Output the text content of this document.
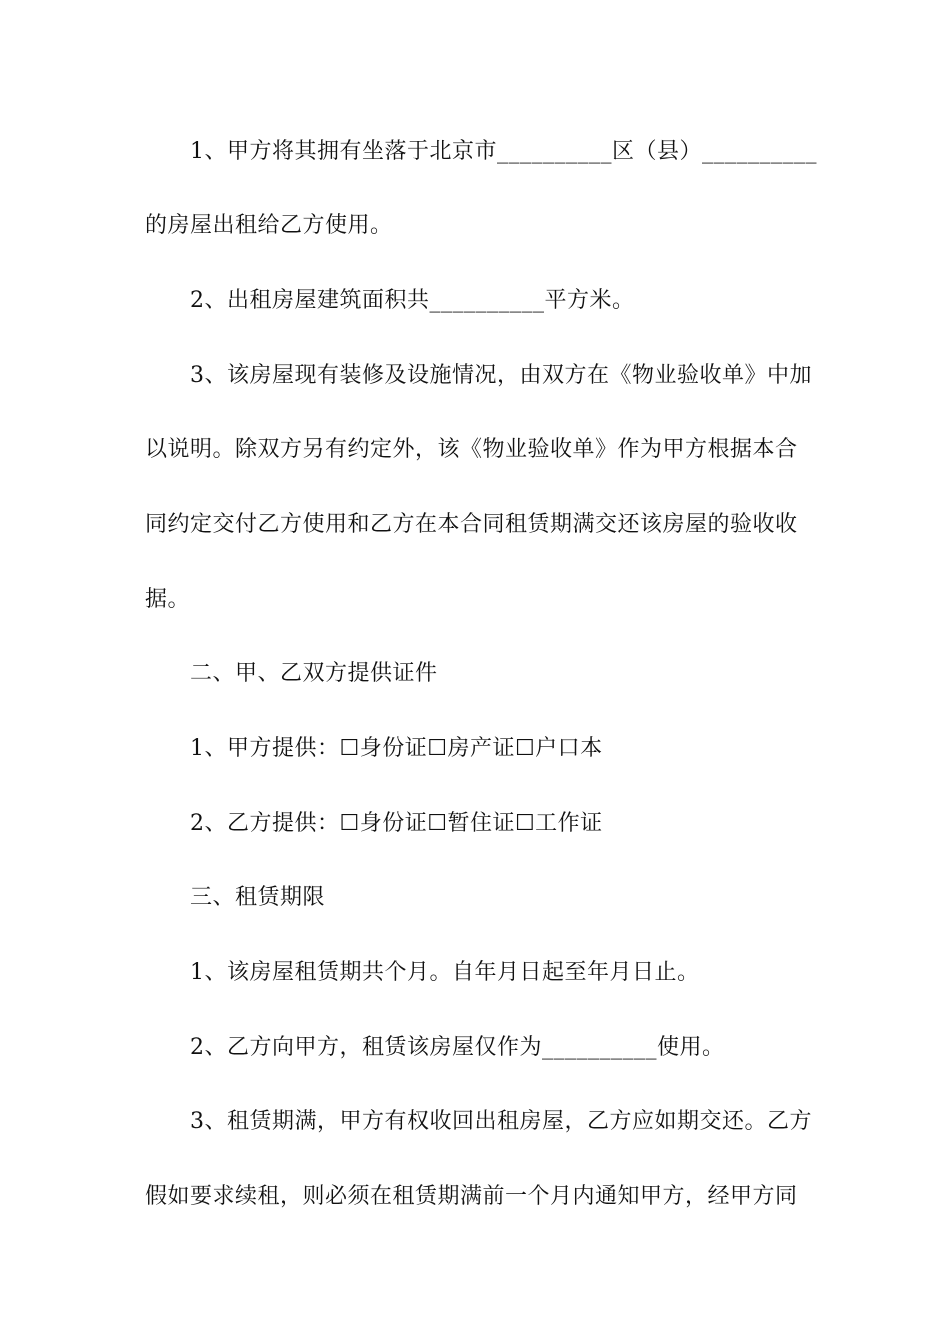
1、甲方将其拥有坐落于北京市__________区（县）__________
的房屋出租给乙方使用。
2、出租房屋建筑面积共__________平方米。
3、该房屋现有装修及设施情况，由双方在《物业验收单》中加
以说明。除双方另有约定外，该《物业验收单》作为甲方根据本合
同约定交付乙方使用和乙方在本合同租赁期满交还该房屋的验收收
据。
二、甲、乙双方提供证件
1、甲方提供：☐身份证☐房产证☐户口本
2、乙方提供：☐身份证☐暂住证☐工作证
三、租赁期限
1、该房屋租赁期共个月。自年月日起至年月日止。
2、乙方向甲方，租赁该房屋仅作为__________使用。
3、租赁期满，甲方有权收回出租房屋，乙方应如期交还。乙方
假如要求续租，则必须在租赁期满前一个月内通知甲方，经甲方同
